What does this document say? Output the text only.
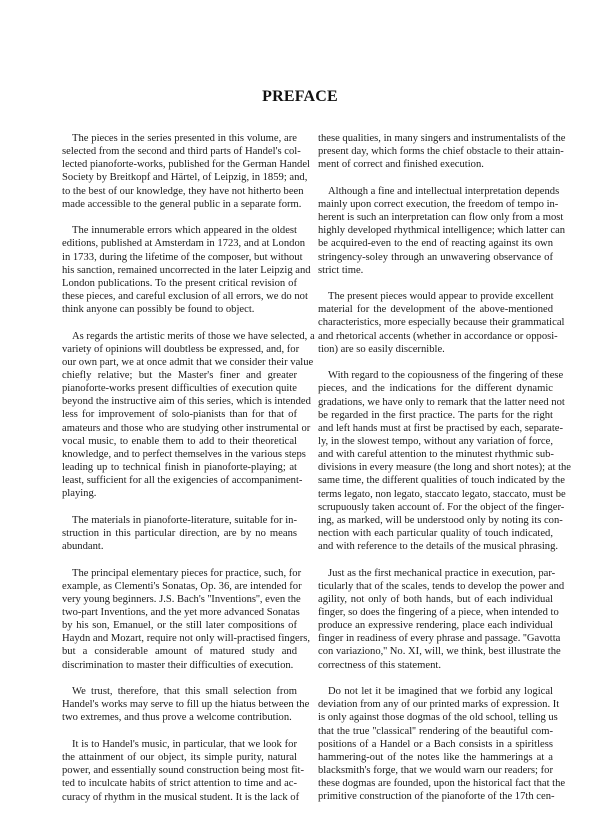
PREFACE
The pieces in the series presented in this volume, are
selected from the second and third parts of Handel's col-
lected pianoforte-works, published for the German Handel
Society by Breitkopf and Härtel, of Leipzig, in 1859; and,
to the best of our knowledge, they have not hitherto been
made accessible to the general public in a separate form.
The innumerable errors which appeared in the oldest
editions, published at Amsterdam in 1723, and at London
in 1733, during the lifetime of the composer, but without
his sanction, remained uncorrected in the later Leipzig and
London publications. To the present critical revision of
these pieces, and careful exclusion of all errors, we do not
think anyone can possibly be found to object.
As regards the artistic merits of those we have selected, a
variety of opinions will doubtless be expressed, and, for
our own part, we at once admit that we consider their value
chiefly relative; but the Master's finer and greater
pianoforte-works present difficulties of execution quite
beyond the instructive aim of this series, which is intended
less for improvement of solo-pianists than for that of
amateurs and those who are studying other instrumental or
vocal music, to enable them to add to their theoretical
knowledge, and to perfect themselves in the various steps
leading up to technical finish in pianoforte-playing; at
least, sufficient for all the exigencies of accompaniment-
playing.
The materials in pianoforte-literature, suitable for in-
struction in this particular direction, are by no means
abundant.
The principal elementary pieces for practice, such, for
example, as Clementi's Sonatas, Op. 36, are intended for
very young beginners. J.S. Bach's ''Inventions'', even the
two-part Inventions, and the yet more advanced Sonatas
by his son, Emanuel, or the still later compositions of
Haydn and Mozart, require not only will-practised fingers,
but a considerable amount of matured study and
discrimination to master their difficulties of execution.
We trust, therefore, that this small selection from
Handel's works may serve to fill up the hiatus between the
two extremes, and thus prove a welcome contribution.
It is to Handel's music, in particular, that we look for
the attainment of our object, its simple purity, natural
power, and essentially sound construction being most fit-
ted to inculcate habits of strict attention to time and ac-
curacy of rhythm in the musical student. It is the lack of
these qualities, in many singers and instrumentalists of the
present day, which forms the chief obstacle to their attain-
ment of correct and finished execution.
Although a fine and intellectual interpretation depends
mainly upon correct execution, the freedom of tempo in-
herent is such an interpretation can flow only from a most
highly developed rhythmical intelligence; which latter can
be acquired-even to the end of reacting against its own
stringency-soley through an unwavering observance of
strict time.
The present pieces would appear to provide excellent
material for the development of the above-mentioned
characteristics, more especially because their grammatical
and rhetorical accents (whether in accordance or opposi-
tion) are so easily discernible.
With regard to the copiousness of the fingering of these
pieces, and the indications for the different dynamic
gradations, we have only to remark that the latter need not
be regarded in the first practice. The parts for the right
and left hands must at first be practised by each, separate-
ly, in the slowest tempo, without any variation of force,
and with careful attention to the minutest rhythmic sub-
divisions in every measure (the long and short notes); at the
same time, the different qualities of touch indicated by the
terms legato, non legato, staccato legato, staccato, must be
scrupuously taken account of. For the object of the finger-
ing, as marked, will be understood only by noting its con-
nection with each particular quality of touch indicated,
and with reference to the details of the musical phrasing.
Just as the first mechanical practice in execution, par-
ticularly that of the scales, tends to develop the power and
agility, not only of both hands, but of each individual
finger, so does the fingering of a piece, when intended to
produce an expressive rendering, place each individual
finger in readiness of every phrase and passage. ''Gavotta
con variaziono,'' No. XI, will, we think, best illustrate the
correctness of this statement.
Do not let it be imagined that we forbid any logical
deviation from any of our printed marks of expression. It
is only against those dogmas of the old school, telling us
that the true ''classical'' rendering of the beautiful com-
positions of a Handel or a Bach consists in a spiritless
hammering-out of the notes like the hammerings at a
blacksmith's forge, that we would warn our readers; for
these dogmas are founded, upon the historical fact that the
primitive construction of the pianoforte of the 17th cen-
